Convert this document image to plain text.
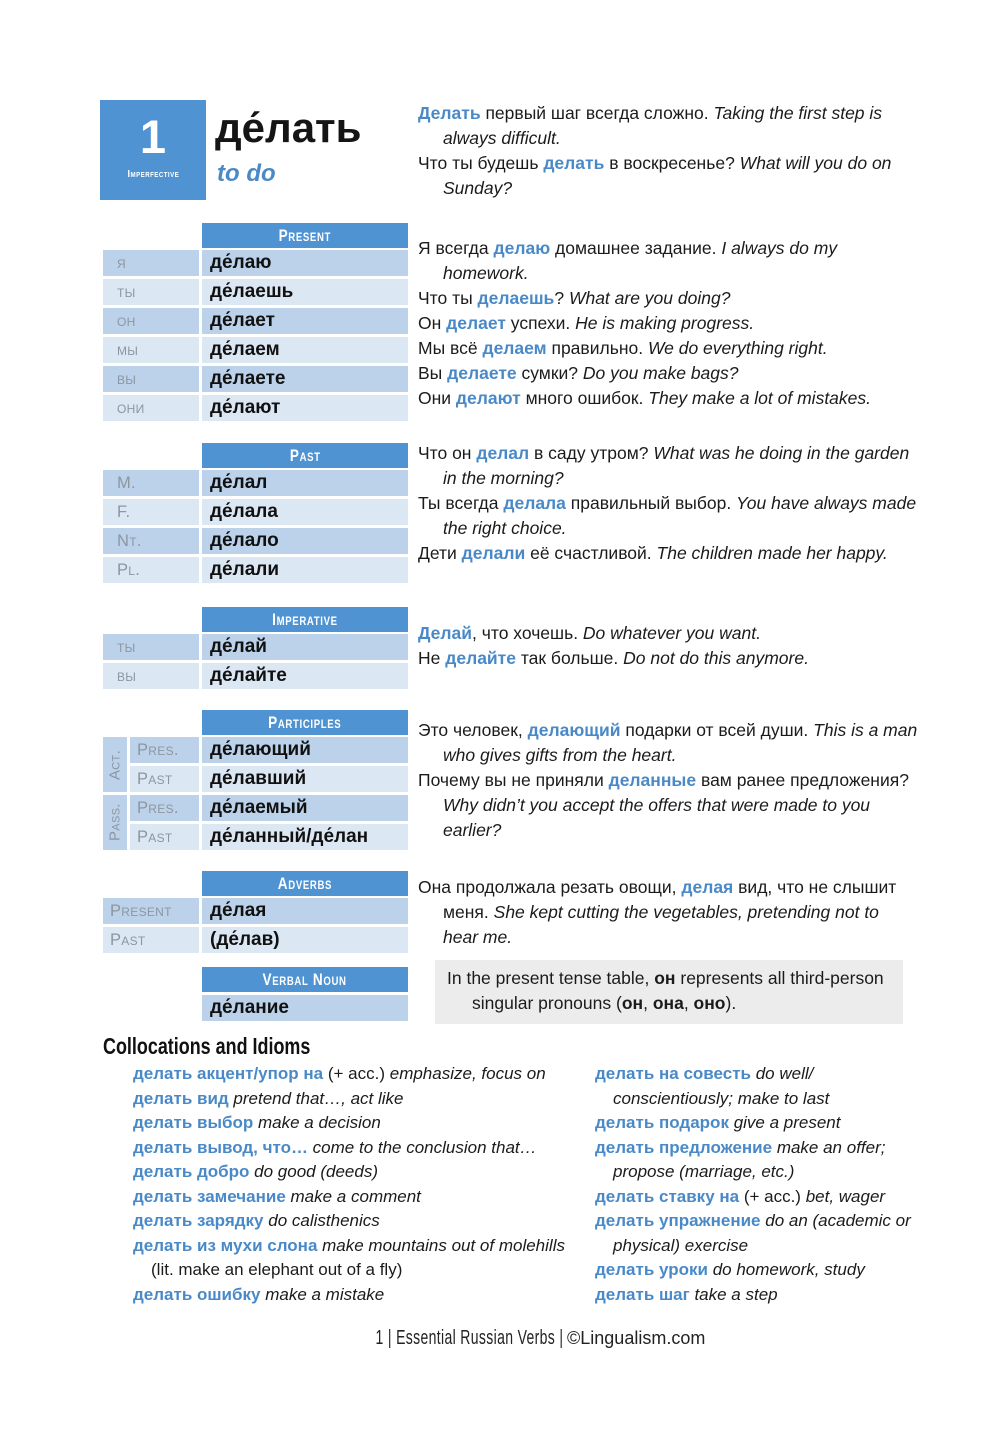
1
Imperfective
де́лать
to do

Делать первый шаг всегда сложно. Taking the first step is always difficult.

Что ты будешь делать в воскресенье? What will you do on Sunday?

Present
я	де́лаю
ты	де́лаешь
он	де́лает
мы	де́лаем
вы	де́лаете
они	де́лают

Я всегда делаю домашнее задание. I always do my homework.

Что ты делаешь? What are you doing?

Он делает успехи. He is making progress.

Мы всё делаем правильно. We do everything right.

Вы делаете сумки? Do you make bags?

Они делают много ошибок. They make a lot of mistakes.

Past
M.	де́лал
F.	де́лала
Nt.	де́лало
Pl.	де́лали

Что он делал в саду утром? What was he doing in the garden in the morning?

Ты всегда делала правильный выбор. You have always made the right choice.

Дети делали её счастливой. The children made her happy.

Imperative
ты	де́лай
вы	де́лайте

Делай, что хочешь. Do whatever you want.

Не делайте так больше. Do not do this anymore.

Participles
Act. Pres.	де́лающий
Past	де́лавший
Pass. Pres.	де́лаемый
Past	де́ланный/де́лан

Это человек, делающий подарки от всей души. This is a man who gives gifts from the heart.

Почему вы не приняли деланные вам ранее предложения? Why didn’t you accept the offers that were made to you earlier?

Adverbs
Present	де́лая
Past	(де́лав)

Она продолжала резать овощи, делая вид, что не слышит меня. She kept cutting the vegetables, pretending not to hear me.

In the present tense table, он represents all third-person singular pronouns (он, она, оно).

Verbal Noun
де́лание
Collocations and Idioms

делать акцент/упор на (+ acc.) emphasize, focus on

делать вид pretend that…, act like

делать выбор make a decision

делать вывод, что… come to the conclusion that…

делать добро do good (deeds)

делать замечание make a comment

делать зарядку do calisthenics

делать из мухи слона make mountains out of molehills (lit. make an elephant out of a fly)

делать ошибку make a mistake

делать на совесть do well/ conscientiously; make to last

делать подарок give a present

делать предложение make an offer; propose (marriage, etc.)

делать ставку на (+ acc.) bet, wager

делать упражнение do an (academic or physical) exercise

делать уроки do homework, study

делать шаг take a step

1 | Essential Russian Verbs | ©Lingualism.com
